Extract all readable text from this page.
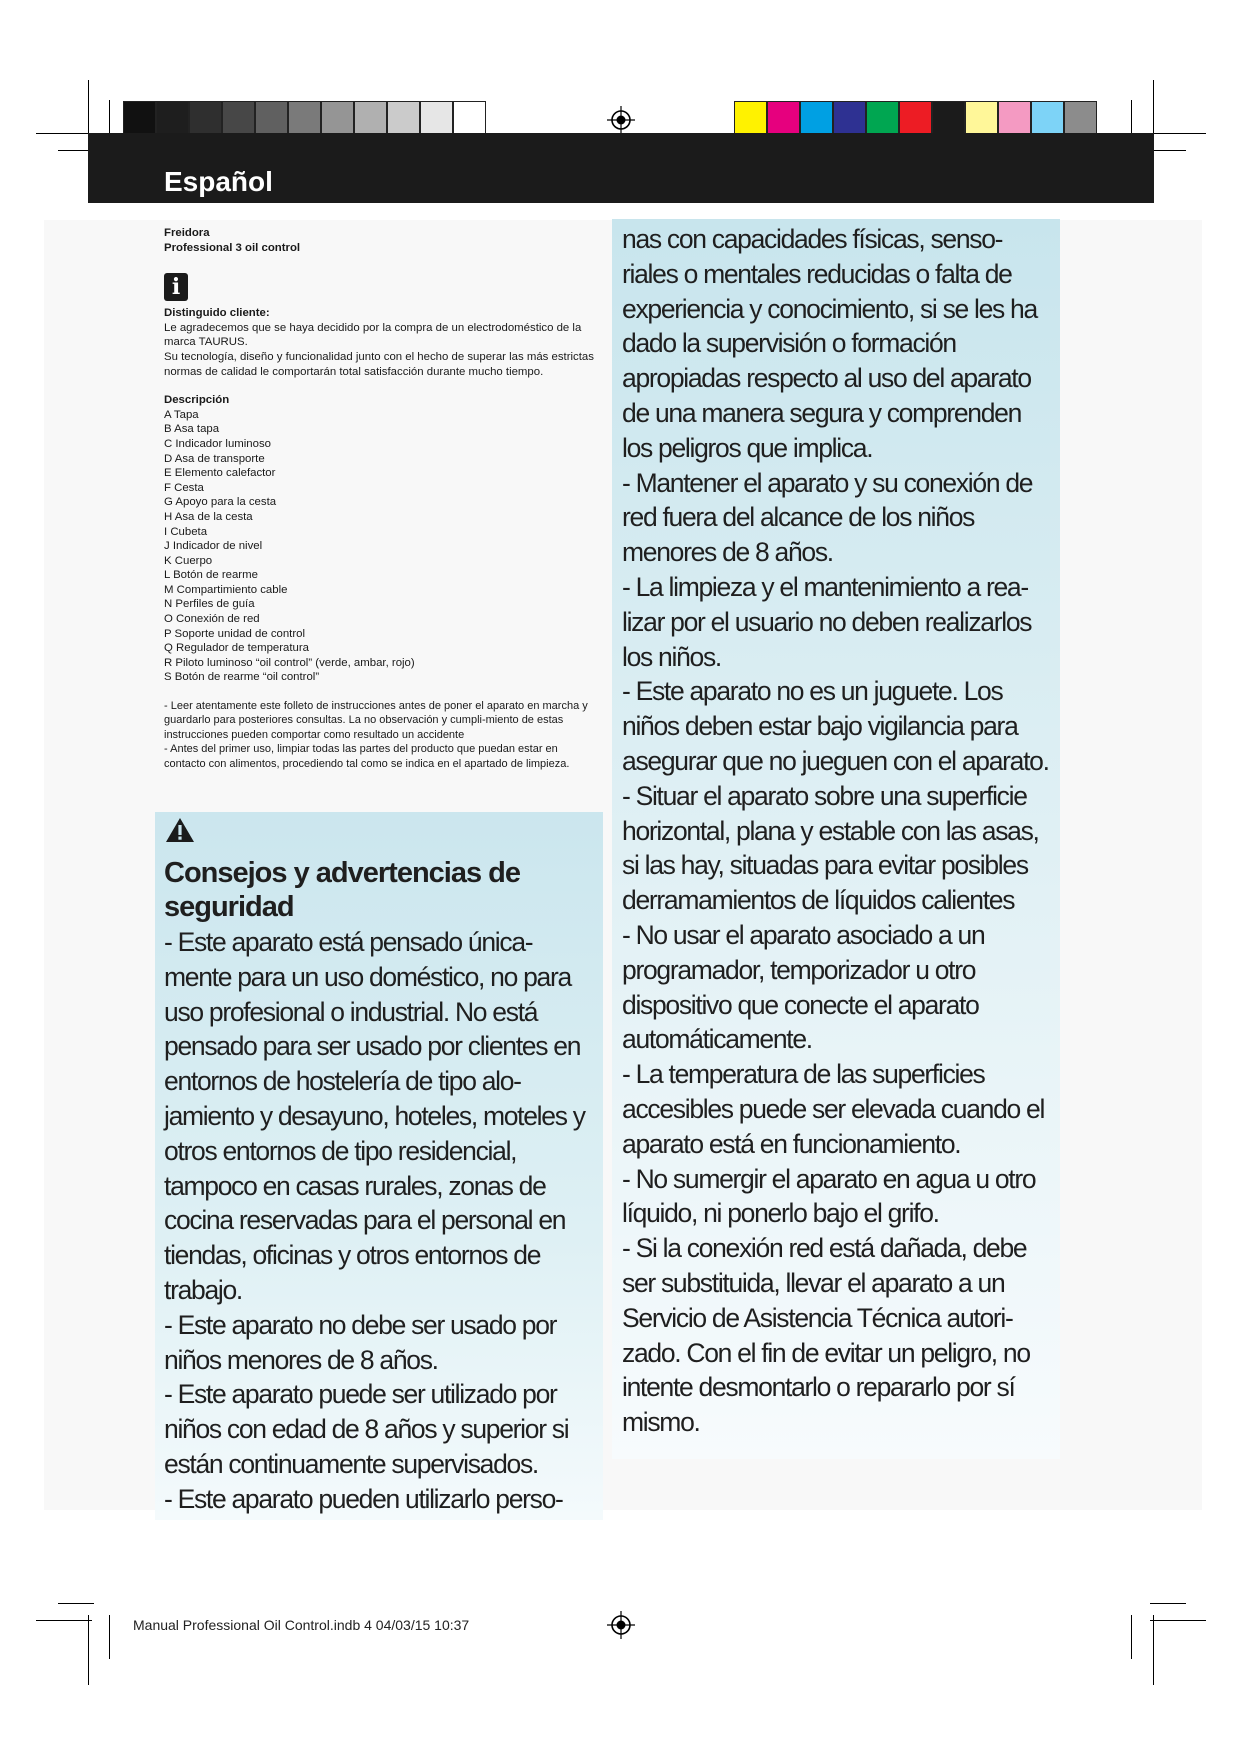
Español
Freidora
Professional 3 oil control
i
Distinguido cliente:
Le agradecemos que se haya decidido por la compra de un electrodoméstico de la marca TAURUS.
Su tecnología, diseño y funcionalidad junto con el hecho de superar las más estrictas normas de calidad le comportarán total satisfacción durante mucho tiempo.
Descripción
A Tapa
B Asa tapa
C Indicador luminoso
D Asa de transporte
E Elemento calefactor
F Cesta
G Apoyo para la cesta
H Asa de la cesta
I Cubeta
J Indicador de nivel
K Cuerpo
L Botón de rearme
M Compartimiento cable
N Perfiles de guía
O Conexión de red
P Soporte unidad de control
Q Regulador de temperatura
R Piloto luminoso “oil control” (verde, ambar, rojo)
S Botón de rearme “oil control”
- Leer atentamente este folleto de instrucciones antes de poner el aparato en marcha y guardarlo para posteriores consultas. La no observación y cumpli-miento de estas instrucciones pueden comportar como resultado un accidente
- Antes del primer uso, limpiar todas las partes del producto que puedan estar en contacto con alimentos, procediendo tal como se indica en el apartado de limpieza.
Consejos y advertencias de seguridad
- Este aparato está pensado única-mente para un uso doméstico, no para uso profesional o industrial. No está pensado para ser usado por clientes en entornos de hostelería de tipo alo-jamiento y desayuno, hoteles, moteles y otros entornos de tipo residencial, tampoco en casas rurales, zonas de cocina reservadas para el personal en tiendas, oficinas y otros entornos de trabajo.
- Este aparato no debe ser usado por niños menores de 8 años.
- Este aparato puede ser utilizado por niños con edad de 8 años y superior si están continuamente supervisados.
- Este aparato pueden utilizarlo perso-
nas con capacidades físicas, senso-riales o mentales reducidas o falta de experiencia y conocimiento, si se les ha dado la supervisión o formación apropiadas respecto al uso del aparato de una manera segura y comprenden los peligros que implica.
- Mantener el aparato y su conexión de red fuera del alcance de los niños menores de 8 años.
- La limpieza y el mantenimiento a rea-lizar por el usuario no deben realizarlos los niños.
- Este aparato no es un juguete. Los niños deben estar bajo vigilancia para asegurar que no jueguen con el aparato.
- Situar el aparato sobre una superficie horizontal, plana y estable con las asas, si las hay, situadas para evitar posibles derramamientos de líquidos calientes
- No usar el aparato asociado a un programador, temporizador u otro dispositivo que conecte el aparato automáticamente.
- La temperatura de las superficies accesibles puede ser elevada cuando el aparato está en funcionamiento.
- No sumergir el aparato en agua u otro líquido, ni ponerlo bajo el grifo.
- Si la conexión red está dañada, debe ser substituida, llevar el aparato a un Servicio de Asistencia Técnica autori-zado. Con el fin de evitar un peligro, no intente desmontarlo o repararlo por sí mismo.
Manual Professional Oil Control.indb 4 04/03/15 10:37
